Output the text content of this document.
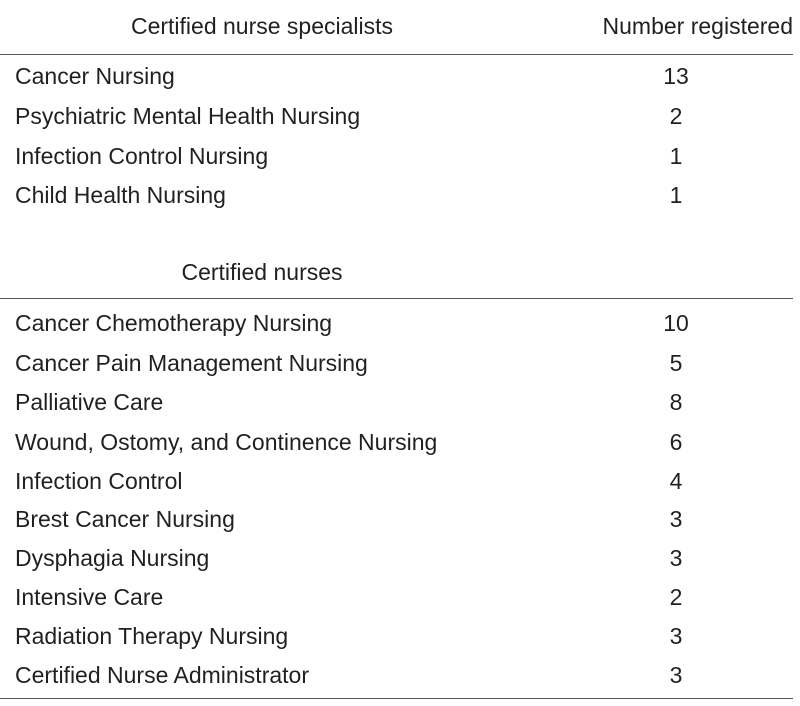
Certified nurse specialists	Number registered
Cancer Nursing	13
Psychiatric Mental Health Nursing	2
Infection Control Nursing	1
Child Health Nursing	1
Certified nurses
Cancer Chemotherapy Nursing	10
Cancer Pain Management Nursing	5
Palliative Care	8
Wound, Ostomy, and Continence Nursing	6
Infection Control	4
Brest Cancer Nursing	3
Dysphagia Nursing	3
Intensive Care	2
Radiation Therapy Nursing	3
Certified Nurse Administrator	3
